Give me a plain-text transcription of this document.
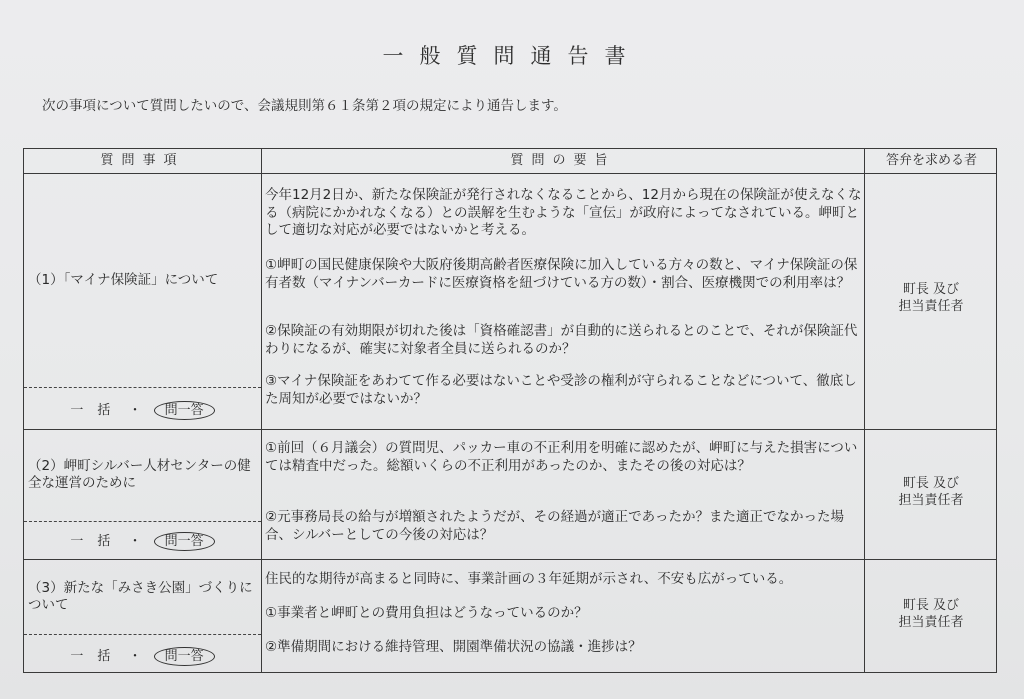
一般質問通告書
次の事項について質問したいので、会議規則第６１条第２項の規定により通告します。
質問事項	質問の要旨	答弁を求める者
（1）「マイナ保険証」について
一括 ・ 問一答
今年12月2日か、新たな保険証が発行されなくなることから、12月から現在の保険証が使えなくなる（病院にかかれなくなる）との誤解を生むような「宣伝」が政府によってなされている。岬町として適切な対応が必要ではないかと考える。
①岬町の国民健康保険や大阪府後期高齢者医療保険に加入している方々の数と、マイナ保険証の保有者数（マイナンバーカードに医療資格を紐づけている方の数）・割合、医療機関での利用率は？
②保険証の有効期限が切れた後は「資格確認書」が自動的に送られるとのことで、それが保険証代わりになるが、確実に対象者全員に送られるのか？
③マイナ保険証をあわてて作る必要はないことや受診の権利が守られることなどについて、徹底した周知が必要ではないか？
町長 及び
担当責任者
（2）岬町シルバー人材センターの健全な運営のために
一括 ・ 問一答
①前回（６月議会）の質問児、パッカー車の不正利用を明確に認めたが、岬町に与えた損害については精査中だった。総額いくらの不正利用があったのか、またその後の対応は？
②元事務局長の給与が増額されたようだが、その経過が適正であったか？また適正でなかった場合、シルバーとしての今後の対応は？
町長 及び
担当責任者
（3）新たな「みさき公園」づくりについて
一括 ・ 問一答
住民的な期待が高まると同時に、事業計画の３年延期が示され、不安も広がっている。
①事業者と岬町との費用負担はどうなっているのか？
②準備期間における維持管理、開園準備状況の協議・進捗は？
町長 及び
担当責任者
